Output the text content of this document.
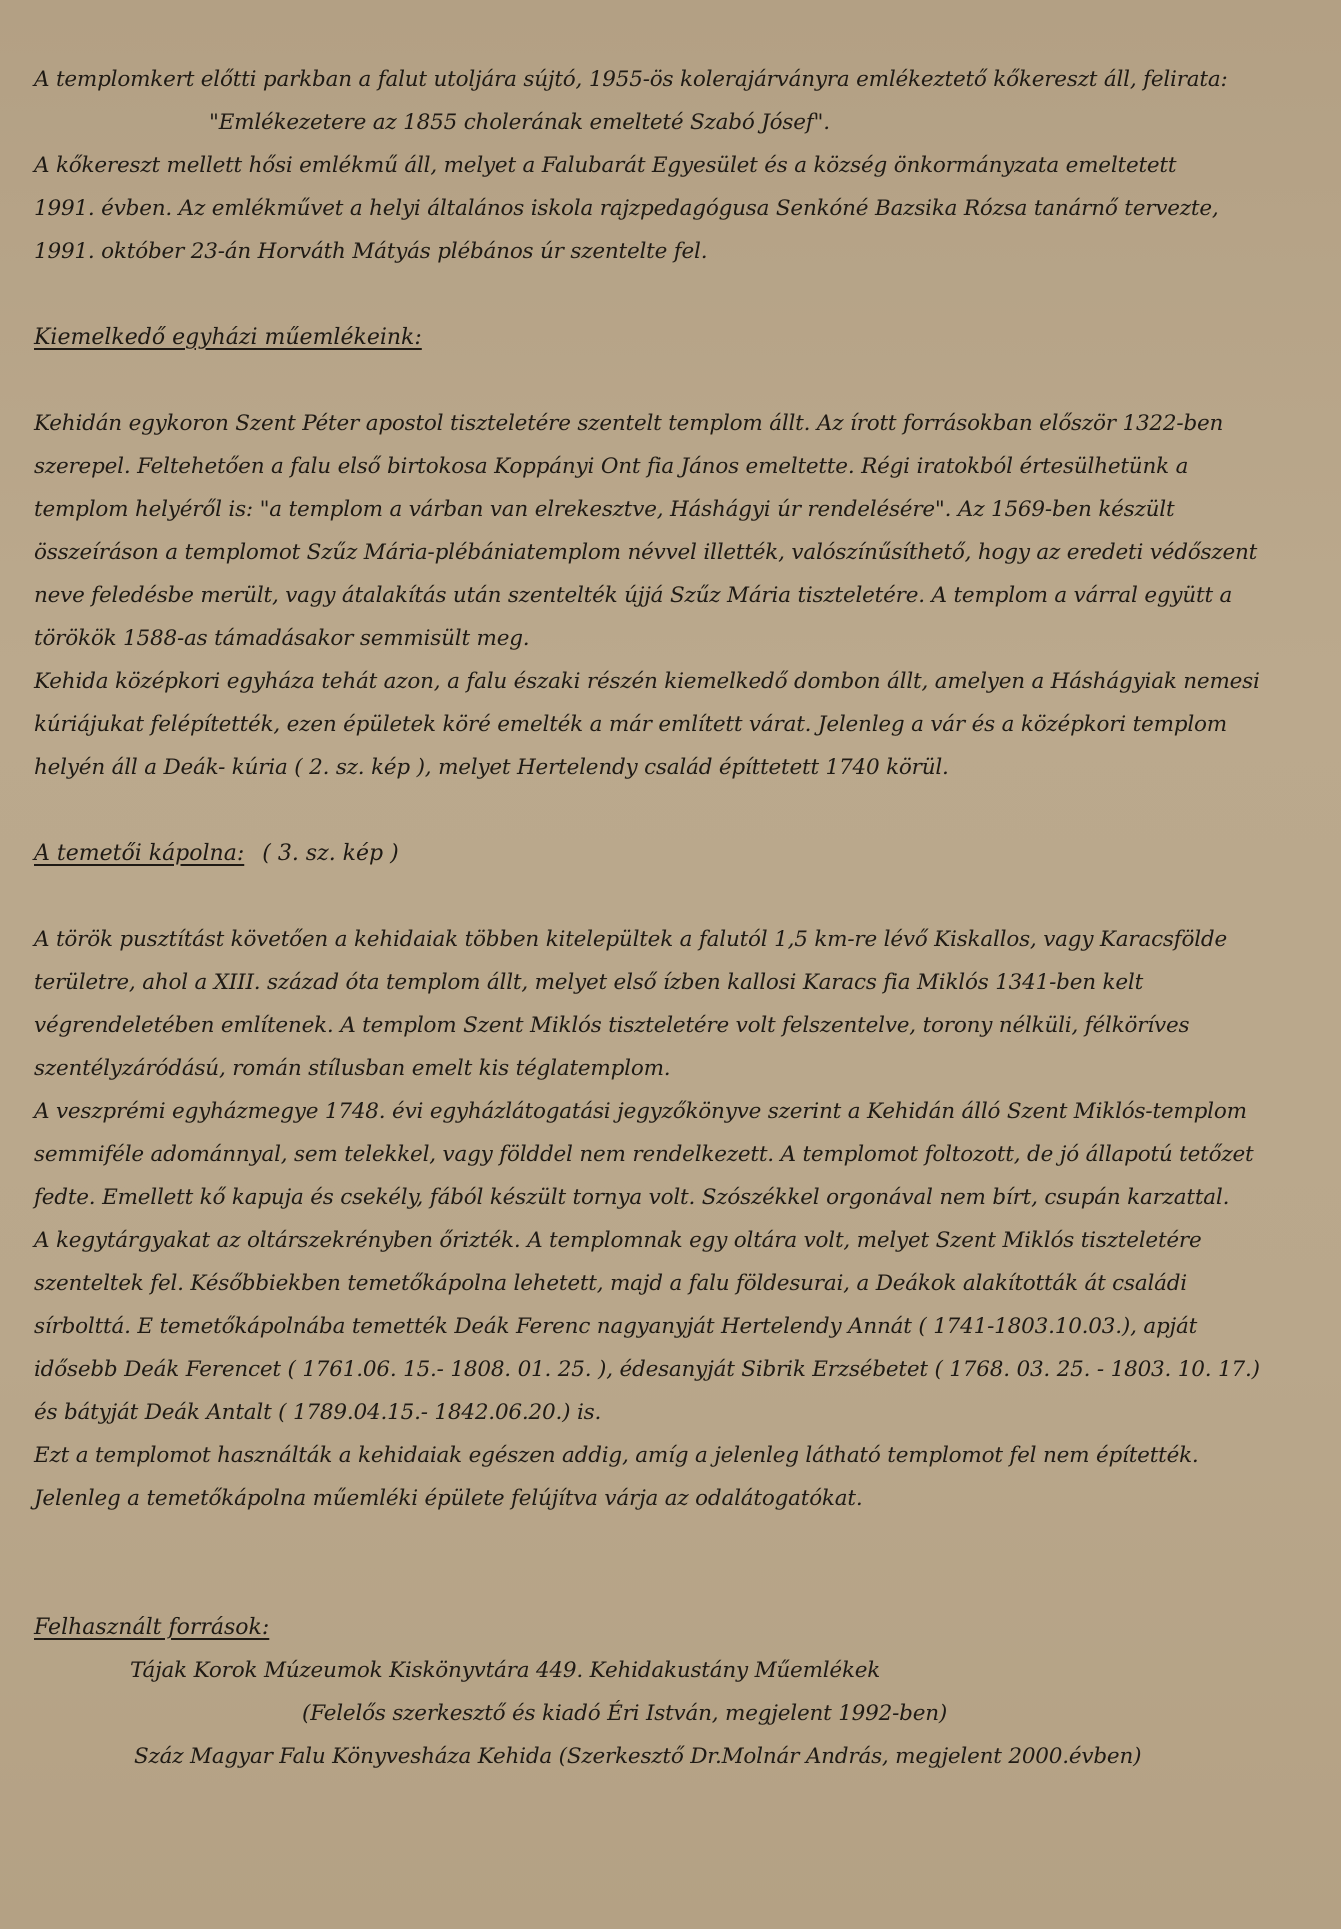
A templomkert előtti parkban a falut utoljára sújtó, 1955-ös kolerajárványra emlékeztető kőkereszt áll, felirata:
"Emlékezetere az 1855 cholerának emelteté Szabó Jósef".
A kőkereszt mellett hősi emlékmű áll, melyet a Falubarát Egyesület és a község önkormányzata emeltetett
1991. évben. Az emlékművet a helyi általános iskola rajzpedagógusa Senkóné Bazsika Rózsa tanárnő tervezte,
1991. október 23-án Horváth Mátyás plébános úr szentelte fel.
Kiemelkedő egyházi műemlékeink:
Kehidán egykoron Szent Péter apostol tiszteletére szentelt templom állt. Az írott forrásokban először 1322-ben
szerepel. Feltehetően a falu első birtokosa Koppányi Ont fia János emeltette. Régi iratokból értesülhetünk a
templom helyéről is: "a templom a várban van elrekesztve, Háshágyi úr rendelésére". Az 1569-ben készült
összeíráson a templomot Szűz Mária-plébániatemplom névvel illették, valószínűsíthető, hogy az eredeti védőszent
neve feledésbe merült, vagy átalakítás után szentelték újjá Szűz Mária tiszteletére. A templom a várral együtt a
törökök 1588-as támadásakor semmisült meg.
Kehida középkori egyháza tehát azon, a falu északi részén kiemelkedő dombon állt, amelyen a Háshágyiak nemesi
kúriájukat felépítették, ezen épületek köré emelték a már említett várat. Jelenleg a vár és a középkori templom
helyén áll a Deák- kúria ( 2. sz. kép ), melyet Hertelendy család építtetett 1740 körül.
A temetői kápolna: ( 3. sz. kép )
A török pusztítást követően a kehidaiak többen kitelepültek a falutól 1,5 km-re lévő Kiskallos, vagy Karacsfölde
területre, ahol a XIII. század óta templom állt, melyet első ízben kallosi Karacs fia Miklós 1341-ben kelt
végrendeletében említenek. A templom Szent Miklós tiszteletére volt felszentelve, torony nélküli, félköríves
szentélyzáródású, román stílusban emelt kis téglatemplom.
A veszprémi egyházmegye 1748. évi egyházlátogatási jegyzőkönyve szerint a Kehidán álló Szent Miklós-templom
semmiféle adománnyal, sem telekkel, vagy földdel nem rendelkezett. A templomot foltozott, de jó állapotú tetőzet
fedte. Emellett kő kapuja és csekély, fából készült tornya volt. Szószékkel orgonával nem bírt, csupán karzattal.
A kegytárgyakat az oltárszekrényben őrizték. A templomnak egy oltára volt, melyet Szent Miklós tiszteletére
szenteltek fel. Későbbiekben temetőkápolna lehetett, majd a falu földesurai, a Deákok alakították át családi
sírbolttá. E temetőkápolnába temették Deák Ferenc nagyanyját Hertelendy Annát ( 1741-1803.10.03.), apját
idősebb Deák Ferencet ( 1761.06. 15.- 1808. 01. 25. ), édesanyját Sibrik Erzsébetet ( 1768. 03. 25. - 1803. 10. 17.)
és bátyját Deák Antalt ( 1789.04.15.- 1842.06.20.) is.
Ezt a templomot használták a kehidaiak egészen addig, amíg a jelenleg látható templomot fel nem építették.
Jelenleg a temetőkápolna műemléki épülete felújítva várja az odalátogatókat.
Felhasznált források:
Tájak Korok Múzeumok Kiskönyvtára 449. Kehidakustány Műemlékek
(Felelős szerkesztő és kiadó Éri István, megjelent 1992-ben)
Száz Magyar Falu Könyvesháza Kehida (Szerkesztő Dr.Molnár András, megjelent 2000.évben)
